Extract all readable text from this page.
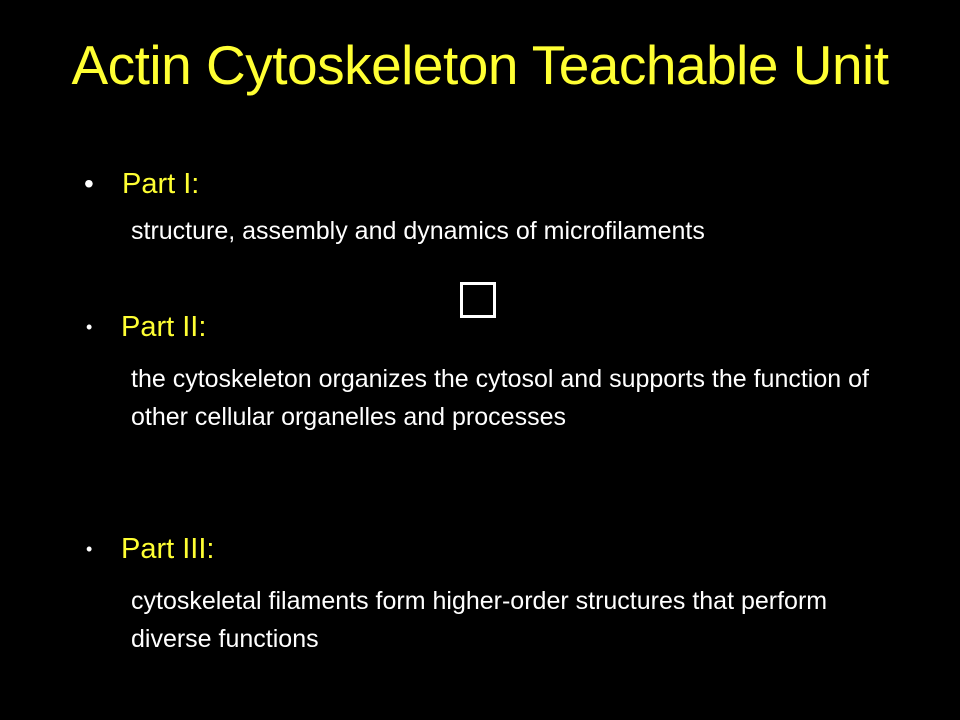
Actin Cytoskeleton Teachable Unit
• Part I:
structure, assembly and dynamics of microfilaments
• Part II:
the cytoskeleton organizes the cytosol and supports the function of other cellular organelles and processes
• Part III:
cytoskeletal filaments form higher-order structures that perform diverse functions
